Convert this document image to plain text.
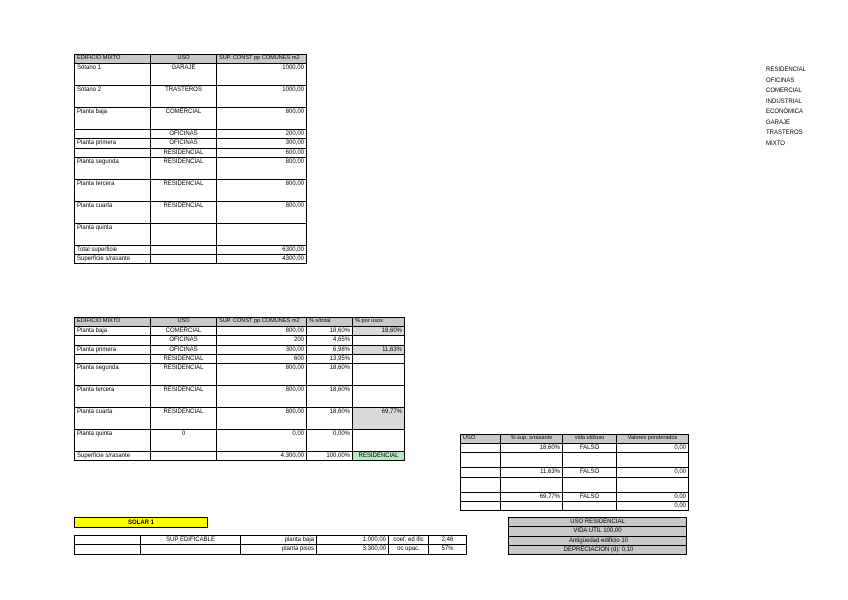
EDIFICIO MIXTO	USO	SUP. CONST pp COMUNES m2
Sótano 1	GARAJE	1000,00
Sótano 2	TRASTEROS	1000,00
Planta baja	COMERCIAL	800,00
	OFICINAS	200,00
Planta primera	OFICINAS	300,00
	RESIDENCIAL	600,00
Planta segunda	RESIDENCIAL	800,00
Planta tercera	RESIDENCIAL	800,00
Planta cuarta	RESIDENCIAL	800,00
Planta quinta		
Total superficie		6300,00
Superficie s/rasante		4300,00
EDIFICIO MIXTO	USO	SUP. CONST pp COMUNES m2	% s/total	% por usos
Planta baja	COMERCIAL	800,00	18,60%	18,60%
	OFICINAS	200	4,65%	
Planta primera	OFICINAS	300,00	6,98%	11,63%
	RESIDENCIAL	600	13,95%	
Planta segunda	RESIDENCIAL	800,00	18,60%	
Planta tercera	RESIDENCIAL	800,00	18,60%	
Planta cuarta	RESIDENCIAL	800,00	18,60%	69,77%
Planta quinta	0	0,00	0,00%	
Superficie s/rasante		4.300,00	100,00%	RESIDENCIAL
USO	% sup. s/rasante	vida util/uso	Valores ponderados
	18,60%	FALSO	0,00

	11,63%	FALSO	0,00

	69,77%	FALSO	0,00
			0,00
SOLAR 1
	SUP EDIFICABLE	planta baja	1.000,00	coef. ed ific	2,46
		planta pisos	3.300,00	oc upac.	57%
USO RESIDENCIAL
VIDA UTIL 100,00
Antigüedad edificio 10
DEPRECIACIÓN (d): 0,10
RESIDENCIAL
OFICINAS
COMERCIAL
INDUSTRIAL
ECONÓMICA
GARAJE
TRASTEROS
MIXTO
